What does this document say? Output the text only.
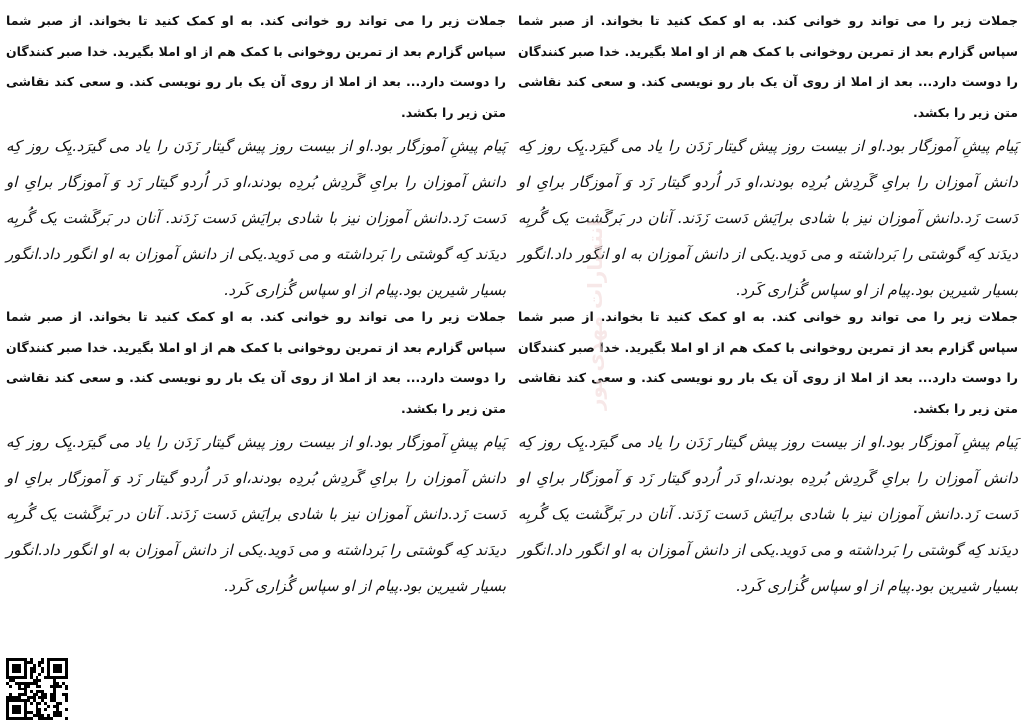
جملات زیر را می تواند رو خوانی کند. به او کمک کنید تا بخواند. از صبر شما سپاس گزارم بعد از تمرین روخوانی با کمک هم از او املا بگیرید. خدا صبر کنندگان را دوست دارد... بعد از املا از روی آن یک بار رو نویسی کند. و سعی کند نقاشی متن زیر را بکشد.

پَیام پیشِ آموزگار بود.او از بیست روز پیش گیتار زَدَن را یاد می گیرَد.یِک روز کِه دانش آموزان را برایِ گَردِش بُردِه بودند،او دَر اُردو گیتار زَد وَ آموزگار برایِ او دَست زَد.دانش آموزان نیز با شادی برایَش دَست زَدَند. آنان در بَرگَشت یک گُربِه دیدَند کِه گوشتی را بَرداشته و می دَوید.یکی از دانش آموزان به او انگور داد.انگور بسیار شیرین بود.پیام از او سپاس گُزاری کَرد.

جملات زیر را می تواند رو خوانی کند. به او کمک کنید تا بخواند. از صبر شما سپاس گزارم بعد از تمرین روخوانی با کمک هم از او املا بگیرید. خدا صبر کنندگان را دوست دارد... بعد از املا از روی آن یک بار رو نویسی کند. و سعی کند نقاشی متن زیر را بکشد.

پَیام پیشِ آموزگار بود.او از بیست روز پیش گیتار زَدَن را یاد می گیرَد.یِک روز کِه دانش آموزان را برایِ گَردِش بُردِه بودند،او دَر اُردو گیتار زَد وَ آموزگار برایِ او دَست زَد.دانش آموزان نیز با شادی برایَش دَست زَدَند. آنان در بَرگَشت یک گُربِه دیدَند کِه گوشتی را بَرداشته و می دَوید.یکی از دانش آموزان به او انگور داد.انگور بسیار شیرین بود.پیام از او سپاس گُزاری کَرد.

جملات زیر را می تواند رو خوانی کند. به او کمک کنید تا بخواند. از صبر شما سپاس گزارم بعد از تمرین روخوانی با کمک هم از او املا بگیرید. خدا صبر کنندگان را دوست دارد... بعد از املا از روی آن یک بار رو نویسی کند. و سعی کند نقاشی متن زیر را بکشد.

پَیام پیشِ آموزگار بود.او از بیست روز پیش گیتار زَدَن را یاد می گیرَد.یِک روز کِه دانش آموزان را برایِ گَردِش بُردِه بودند،او دَر اُردو گیتار زَد وَ آموزگار برایِ او دَست زَد.دانش آموزان نیز با شادی برایَش دَست زَدَند. آنان در بَرگَشت یک گُربِه دیدَند کِه گوشتی را بَرداشته و می دَوید.یکی از دانش آموزان به او انگور داد.انگور بسیار شیرین بود.پیام از او سپاس گُزاری کَرد.

جملات زیر را می تواند رو خوانی کند. به او کمک کنید تا بخواند. از صبر شما سپاس گزارم بعد از تمرین روخوانی با کمک هم از او املا بگیرید. خدا صبر کنندگان را دوست دارد... بعد از املا از روی آن یک بار رو نویسی کند. و سعی کند نقاشی متن زیر را بکشد.

پَیام پیشِ آموزگار بود.او از بیست روز پیش گیتار زَدَن را یاد می گیرَد.یِک روز کِه دانش آموزان را برایِ گَردِش بُردِه بودند،او دَر اُردو گیتار زَد وَ آموزگار برایِ او دَست زَد.دانش آموزان نیز با شادی برایَش دَست زَدَند. آنان در بَرگَشت یک گُربِه دیدَند کِه گوشتی را بَرداشته و می دَوید.یکی از دانش آموزان به او انگور داد.انگور بسیار شیرین بود.پیام از او سپاس گُزاری کَرد.

انتشارات مهدی پور
